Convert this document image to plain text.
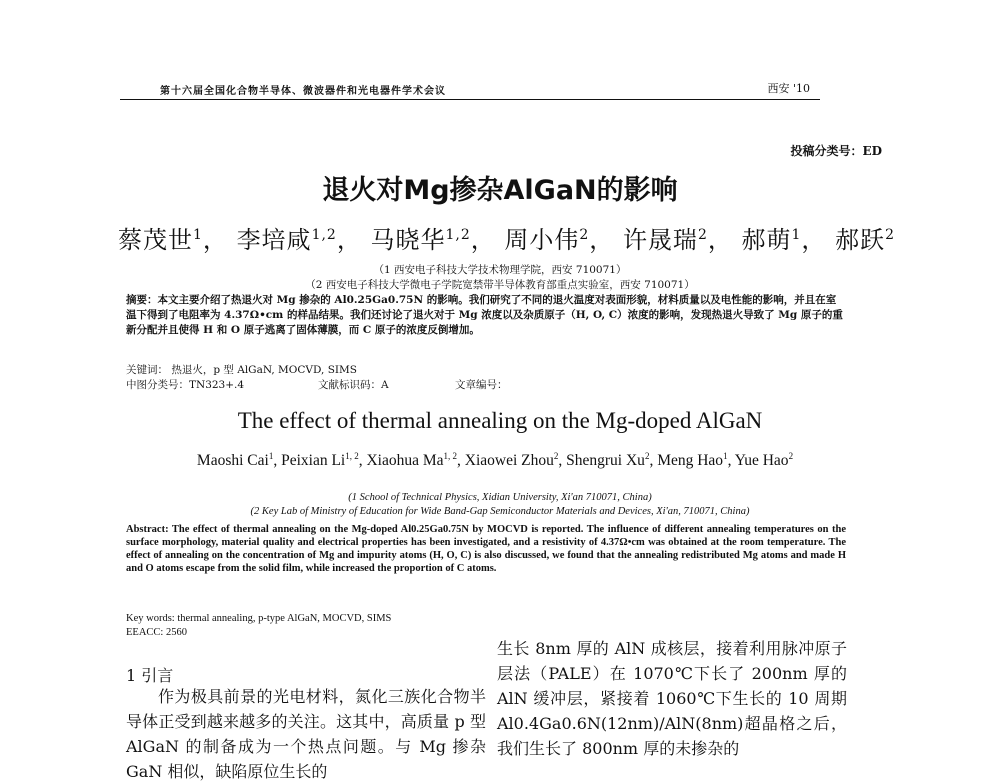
第十六届全国化合物半导体、微波器件和光电器件学术会议	西安 '10
投稿分类号：ED
退火对Mg掺杂AlGaN的影响
蔡茂世$^1$， 李培咸$^{1,2}$， 马晓华$^{1,2}$， 周小伟$^2$， 许晟瑞$^2$， 郝萌$^1$， 郝跃$^2$
（1 西安电子科技大学技术物理学院，西安 710071）
（2 西安电子科技大学微电子学院宽禁带半导体教育部重点实验室，西安 710071）
摘要：本文主要介绍了热退火对 Mg 掺杂的 Al0.25Ga0.75N 的影响。我们研究了不同的退火温度对表面形貌，材料质量以及电性能的影响，并且在室温下得到了电阻率为 4.37Ω•cm 的样品结果。我们还讨论了退火对于 Mg 浓度以及杂质原子（H, O, C）浓度的影响，发现热退火导致了 Mg 原子的重新分配并且使得 H 和 O 原子逃离了固体薄膜，而 C 原子的浓度反倒增加。
关键词： 热退火，p 型 AlGaN, MOCVD, SIMS
中图分类号：TN323+.4	文献标识码：A	文章编号：
The effect of thermal annealing on the Mg-doped AlGaN
Maoshi Cai$^1$, Peixian Li$^{1, 2}$, Xiaohua Ma$^{1, 2}$, Xiaowei Zhou$^2$, Shengrui Xu$^2$, Meng Hao$^1$, Yue Hao$^2$
(1 School of Technical Physics, Xidian University, Xi'an 710071, China)
(2 Key Lab of Ministry of Education for Wide Band-Gap Semiconductor Materials and Devices, Xi'an, 710071, China)
Abstract: The effect of thermal annealing on the Mg-doped Al0.25Ga0.75N by MOCVD is reported. The influence of different annealing temperatures on the surface morphology, material quality and electrical properties has been investigated, and a resistivity of 4.37Ω•cm was obtained at the room temperature. The effect of annealing on the concentration of Mg and impurity atoms (H, O, C) is also discussed, we found that the annealing redistributed Mg atoms and made H and O atoms escape from the solid film, while increased the proportion of C atoms.
Key words: thermal annealing, p-type AlGaN, MOCVD, SIMS
EEACC: 2560
1 引言

作为极具前景的光电材料，氮化三族化合物半导体正受到越来越多的关注。这其中，高质量 p 型 AlGaN 的制备成为一个热点问题。与 Mg 掺杂 GaN 相似，缺陷原位生长的

生长 8nm 厚的 AlN 成核层，接着利用脉冲原子层法（PALE）在 1070℃下长了 200nm 厚的 AlN 缓冲层，紧接着 1060℃下生长的 10 周期 Al0.4Ga0.6N(12nm)/AlN(8nm)超晶格之后，我们生长了 800nm 厚的未掺杂的
